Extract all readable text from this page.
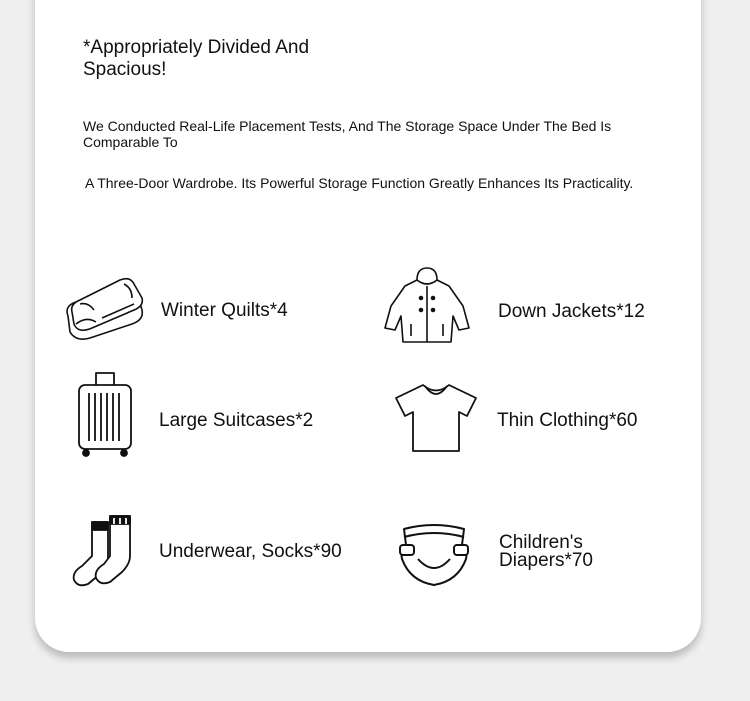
*Appropriately Divided And Spacious!

We Conducted Real-Life Placement Tests, And The Storage Space Under The Bed Is Comparable To

A Three-Door Wardrobe. Its Powerful Storage Function Greatly Enhances Its Practicality.

Winter Quilts*4	Down Jackets*12
Large Suitcases*2	Thin Clothing*60
Underwear, Socks*90	Children's Diapers*70
